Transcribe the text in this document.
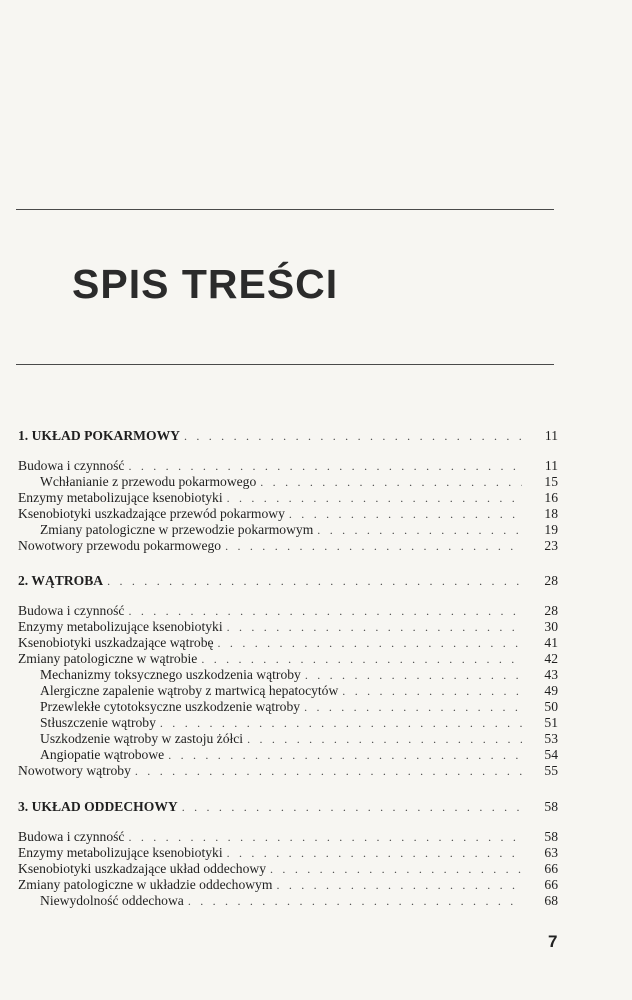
SPIS TREŚCI
1. UKŁAD POKARMOWY . . .	11
Budowa i czynność . . .	11
Wchłanianie z przewodu pokarmowego . . .	15
Enzymy metabolizujące ksenobiotyki . . .	16
Ksenobiotyki uszkadzające przewód pokarmowy . . .	18
Zmiany patologiczne w przewodzie pokarmowym . . .	19
Nowotwory przewodu pokarmowego . . .	23
2. WĄTROBA . . .	28
Budowa i czynność . . .	28
Enzymy metabolizujące ksenobiotyki . . .	30
Ksenobiotyki uszkadzające wątrobę . . .	41
Zmiany patologiczne w wątrobie . . .	42
Mechanizmy toksycznego uszkodzenia wątroby . . .	43
Alergiczne zapalenie wątroby z martwicą hepatocytów . . .	49
Przewlekłe cytotoksyczne uszkodzenie wątroby . . .	50
Stłuszczenie wątroby . . .	51
Uszkodzenie wątroby w zastoju żółci . . .	53
Angiopatie wątrobowe . . .	54
Nowotwory wątroby . . .	55
3. UKŁAD ODDECHOWY . . .	58
Budowa i czynność . . .	58
Enzymy metabolizujące ksenobiotyki . . .	63
Ksenobiotyki uszkadzające układ oddechowy . . .	66
Zmiany patologiczne w układzie oddechowym . . .	66
Niewydolność oddechowa . . .	68
7
